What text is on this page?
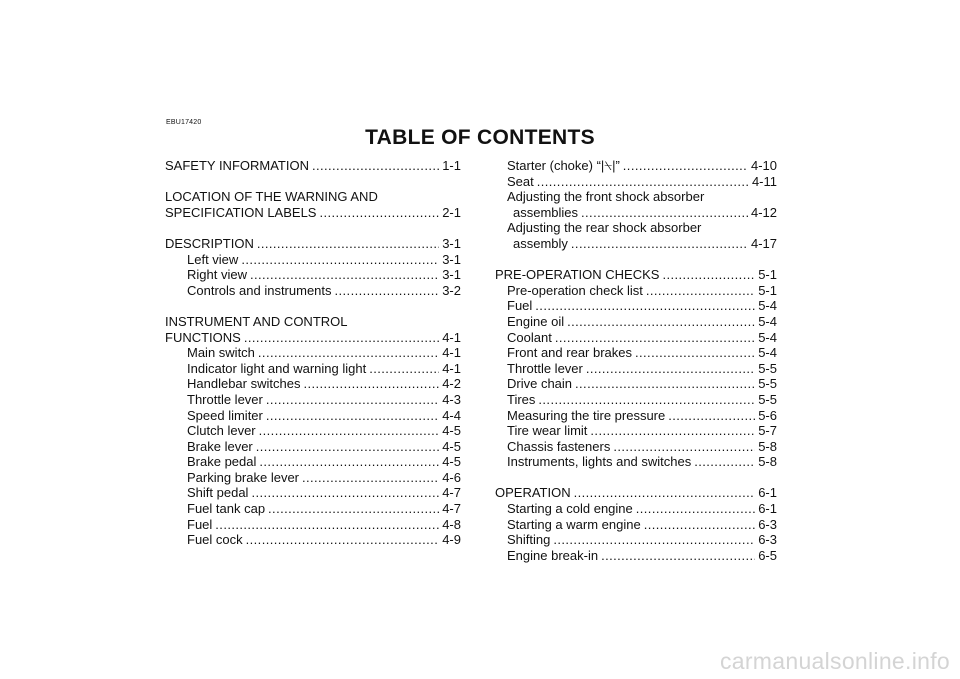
EBU17420
TABLE OF CONTENTS
SAFETY INFORMATION .....	1-1
LOCATION OF THE WARNING AND
SPECIFICATION LABELS .....	2-1
DESCRIPTION .....	3-1
Left view .....	3-1
Right view .....	3-1
Controls and instruments .....	3-2
INSTRUMENT AND CONTROL
FUNCTIONS .....	4-1
Main switch .....	4-1
Indicator light and warning light .....	4-1
Handlebar switches .....	4-2
Throttle lever .....	4-3
Speed limiter .....	4-4
Clutch lever .....	4-5
Brake lever .....	4-5
Brake pedal .....	4-5
Parking brake lever .....	4-6
Shift pedal .....	4-7
Fuel tank cap .....	4-7
Fuel .....	4-8
Fuel cock .....	4-9
Starter (choke) “|⍀|” .....	4-10
Seat .....	4-11
Adjusting the front shock absorber
assemblies .....	4-12
Adjusting the rear shock absorber
assembly .....	4-17
PRE-OPERATION CHECKS .....	5-1
Pre-operation check list .....	5-1
Fuel .....	5-4
Engine oil .....	5-4
Coolant .....	5-4
Front and rear brakes .....	5-4
Throttle lever .....	5-5
Drive chain .....	5-5
Tires .....	5-5
Measuring the tire pressure .....	5-6
Tire wear limit .....	5-7
Chassis fasteners .....	5-8
Instruments, lights and switches .....	5-8
OPERATION .....	6-1
Starting a cold engine .....	6-1
Starting a warm engine .....	6-3
Shifting .....	6-3
Engine break-in .....	6-5
carmanualsonline.info
